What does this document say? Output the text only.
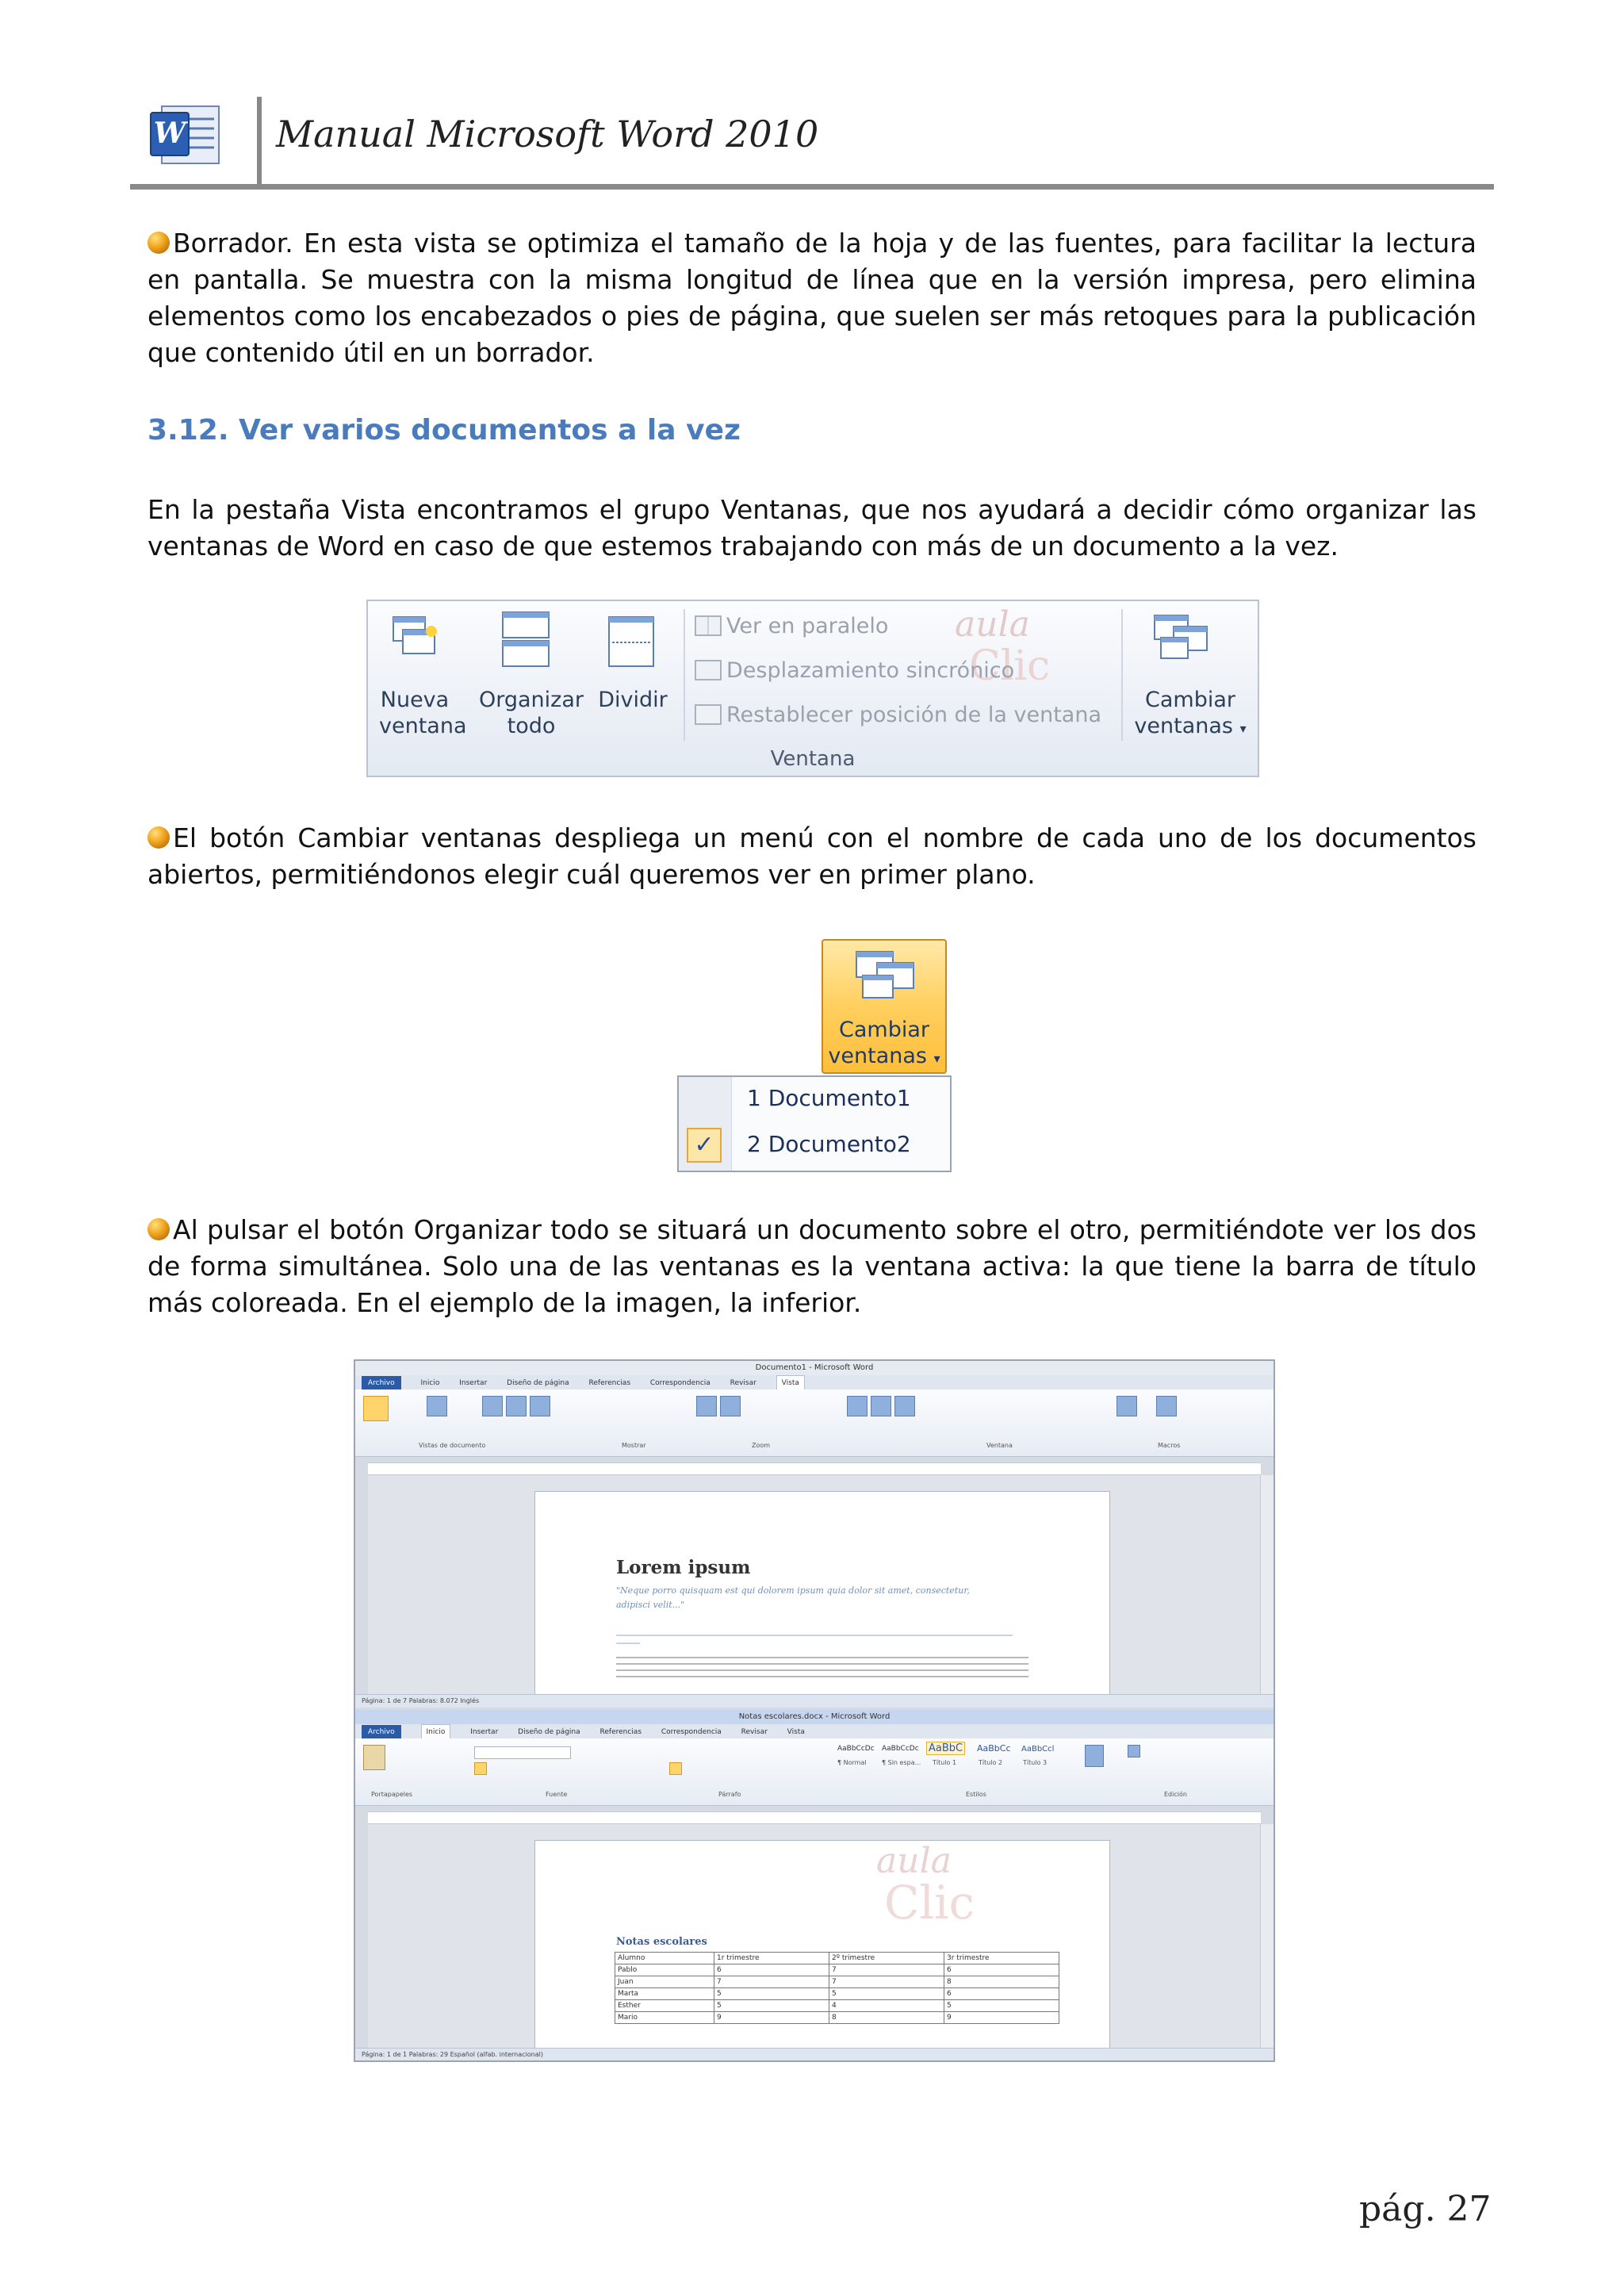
W Manual Microsoft Word 2010
Borrador. En esta vista se optimiza el tamaño de la hoja y de las fuentes, para facilitar la lectura en pantalla. Se muestra con la misma longitud de línea que en la versión impresa, pero elimina elementos como los encabezados o pies de página, que suelen ser más retoques para la publicación que contenido útil en un borrador.
3.12. Ver varios documentos a la vez
En la pestaña Vista encontramos el grupo Ventanas, que nos ayudará a decidir cómo organizar las ventanas de Word en caso de que estemos trabajando con más de un documento a la vez.
Nueva
ventana
Organizar
todo
Dividir
aula
Clic
Ver en paralelo
Desplazamiento sincrónico
Restablecer posición de la ventana
Cambiar
ventanas ▾
Ventana
El botón Cambiar ventanas despliega un menú con el nombre de cada uno de los documentos abiertos, permitiéndonos elegir cuál queremos ver en primer plano.
Cambiar
ventanas ▾
1 Documento1
✓	2 Documento2
Al pulsar el botón Organizar todo se situará un documento sobre el otro, permitiéndote ver los dos de forma simultánea. Solo una de las ventanas es la ventana activa: la que tiene la barra de título más coloreada. En el ejemplo de la imagen, la inferior.
Documento1 - Microsoft Word
Archivo	Inicio	Insertar	Diseño de página	Referencias	Correspondencia	Revisar	Vista
Vistas de documento	Mostrar	Zoom	Ventana	Macros
Lorem ipsum
"Neque porro quisquam est qui dolorem ipsum quia dolor sit amet, consectetur, adipisci velit..."
Página: 1 de 7 Palabras: 8.072 Inglés
Notas escolares.docx - Microsoft Word
Archivo	Inicio	Insertar	Diseño de página	Referencias	Correspondencia	Revisar	Vista
AaBbCcDc AaBbCcDc AaBbC AaBbCc AaBbCcl
¶ Normal ¶ Sin espa... Título 1	Título 2	Título 3
Portapapeles	Fuente	Párrafo	Estilos	Edición
aula
Clic
Notas escolares
Alumno	1r trimestre	2º trimestre	3r trimestre
Pablo	6	7	6
Juan	7	7	8
Marta	5	5	6
Esther	5	4	5
Mario	9	8	9
Página: 1 de 1 Palabras: 29 Español (alfab. internacional)
pág. 27
